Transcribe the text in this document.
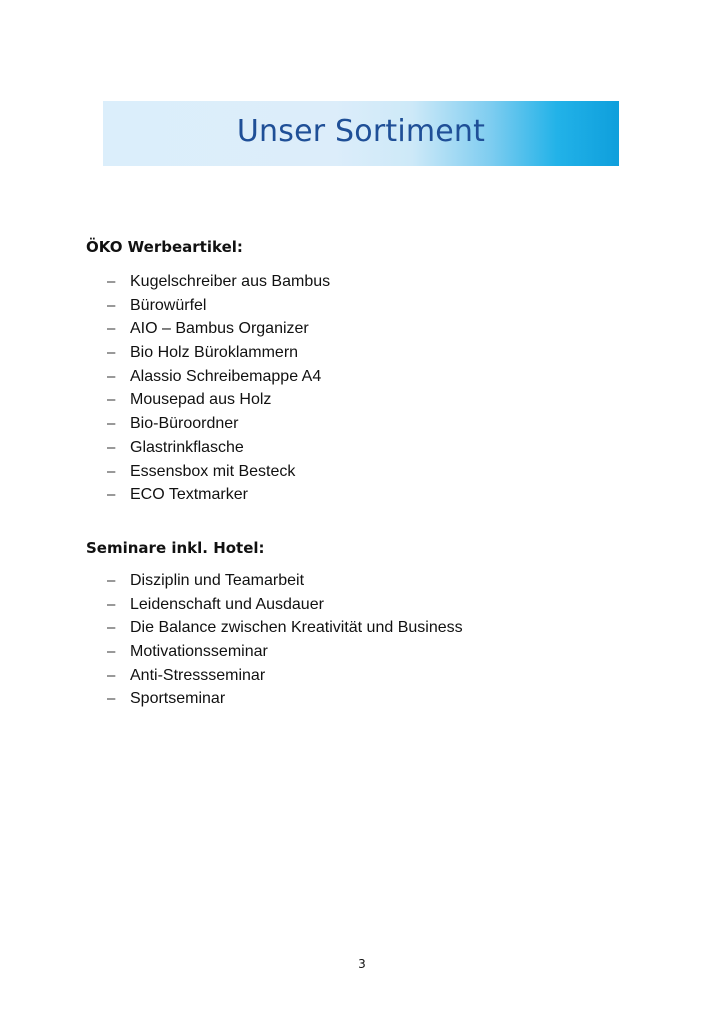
Unser Sortiment
ÖKO Werbeartikel:
– Kugelschreiber aus Bambus
– Bürowürfel
– AIO – Bambus Organizer
– Bio Holz Büroklammern
– Alassio Schreibemappe A4
– Mousepad aus Holz
– Bio-Büroordner
– Glastrinkflasche
– Essensbox mit Besteck
– ECO Textmarker
Seminare inkl. Hotel:
– Disziplin und Teamarbeit
– Leidenschaft und Ausdauer
– Die Balance zwischen Kreativität und Business
– Motivationsseminar
– Anti-Stressseminar
– Sportseminar
3
